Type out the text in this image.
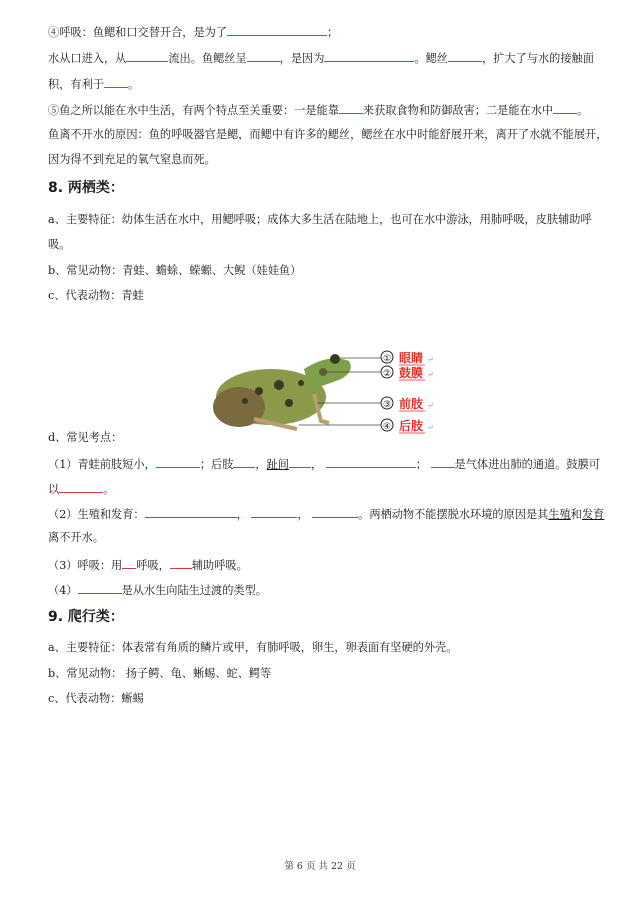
④呼吸：鱼鳃和口交替开合，是为了	；
水从口进入，从	流出。鱼鳃丝呈	，是因为	。鳃丝	，扩大了与水的接触面
积，有利于 。
⑤鱼之所以能在水中生活，有两个特点至关重要：一是能靠 来获取食物和防御敌害；二是能在水中 。
鱼离不开水的原因：鱼的呼吸器官是鳃，而鳃中有许多的鳃丝，鳃丝在水中时能舒展开来，离开了水就不能展开，
因为得不到充足的氧气窒息而死。
8. 两栖类：
a、主要特征：幼体生活在水中，用鳃呼吸；成体大多生活在陆地上，也可在水中游泳，用肺呼吸，皮肤辅助呼
吸。
b、常见动物：青蛙、蟾蜍、蝾螈、大鲵（娃娃鱼）
c、代表动物：青蛙
d、常见考点：
（1）青蛙前肢短小，	；后肢 ，趾间 ，	； 是气体进出肺的通道。鼓膜可
以	。
（2）生殖和发育：	，	，	。两栖动物不能摆脱水环境的原因是其生殖和发育
离不开水。
（3）呼吸：用 呼吸， 辅助呼吸。
（4）	是从水生向陆生过渡的类型。
9. 爬行类：
a、主要特征：体表常有角质的鳞片或甲，有肺呼吸，卵生，卵表面有坚硬的外壳。
b、常见动物： 扬子鳄、龟、蜥蜴、蛇、鳄等
c、代表动物：蜥蜴
① 眼睛 ↵
② 鼓膜 ↵
③ 前肢 ↵
④ 后肢 ↵
第 6 页 共 22 页
